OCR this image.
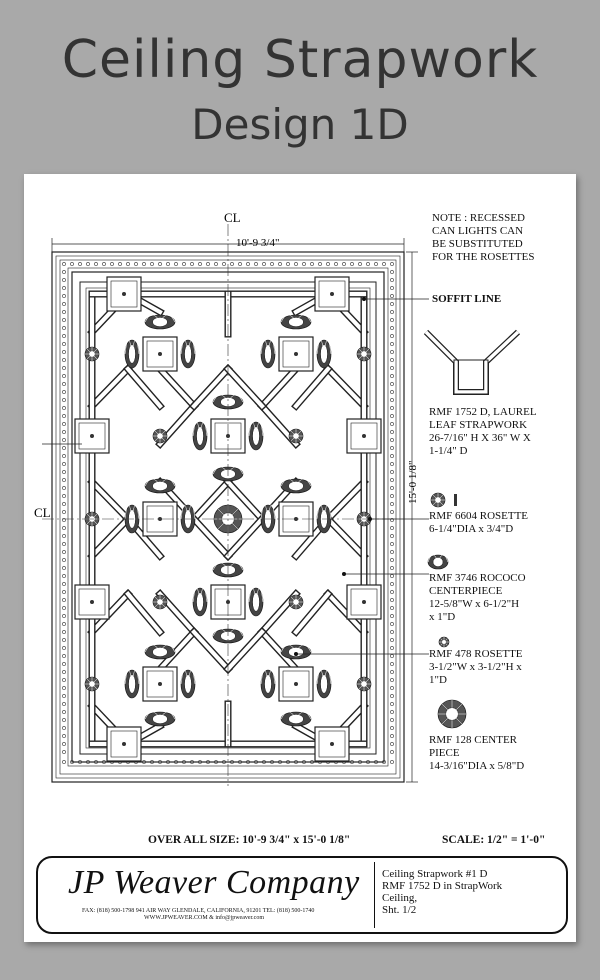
Ceiling Strapwork
Design 1D
CL
CL
10'-9 3/4"
15'-0 1/8"
NOTE : RECESSED
CAN LIGHTS CAN
BE SUBSTITUTED
FOR THE ROSETTES
SOFFIT LINE
RMF 1752 D, LAUREL
LEAF STRAPWORK
26-7/16" H X 36" W X
1-1/4" D
RMF 6604 ROSETTE
6-1/4"DIA x 3/4"D
RMF 3746 ROCOCO
CENTERPIECE
12-5/8"W x 6-1/2"H
x 1"D
RMF 478 ROSETTE
3-1/2"W x 3-1/2"H x
1"D
RMF 128 CENTER
PIECE
14-3/16"DIA x 5/8"D
OVER ALL SIZE: 10'-9 3/4" x 15'-0 1/8"	SCALE: 1/2" = 1'-0"
JP Weaver Company
FAX: (818) 500-1798 941 AIR WAY GLENDALE, CALIFORNIA, 91201 TEL: (818) 500-1740
WWW.JPWEAVER.COM & info@jpweaver.com
Ceiling Strapwork #1 D
RMF 1752 D in StrapWork
Ceiling,
Sht. 1/2
